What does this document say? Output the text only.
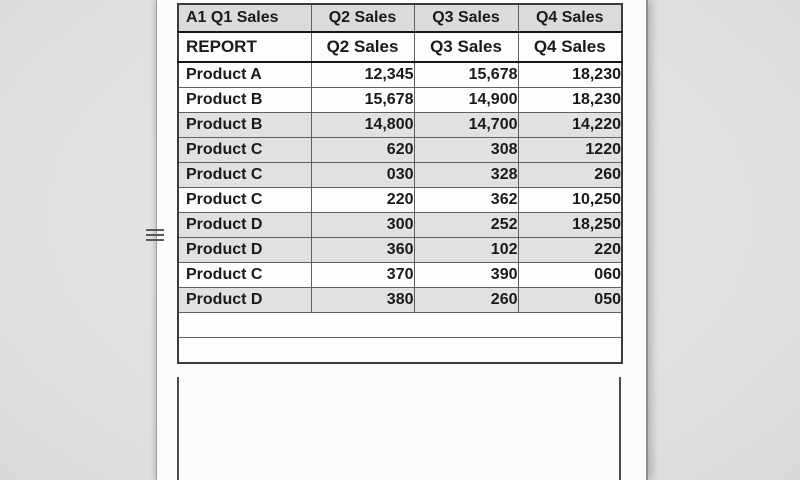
A1 Q1 Sales	Q2 Sales	Q3 Sales	Q4 Sales
REPORT	Q2 Sales	Q3 Sales	Q4 Sales
Product A	12,345	15,678	18,230
Product B	15,678	14,900	18,230
Product B	14,800	14,700	14,220
Product C	620	308	1220
Product C	030	328	260
Product C	220	362	10,250
Product D	300	252	18,250
Product D	360	102	220
Product C	370	390	060
Product D	380	260	050
